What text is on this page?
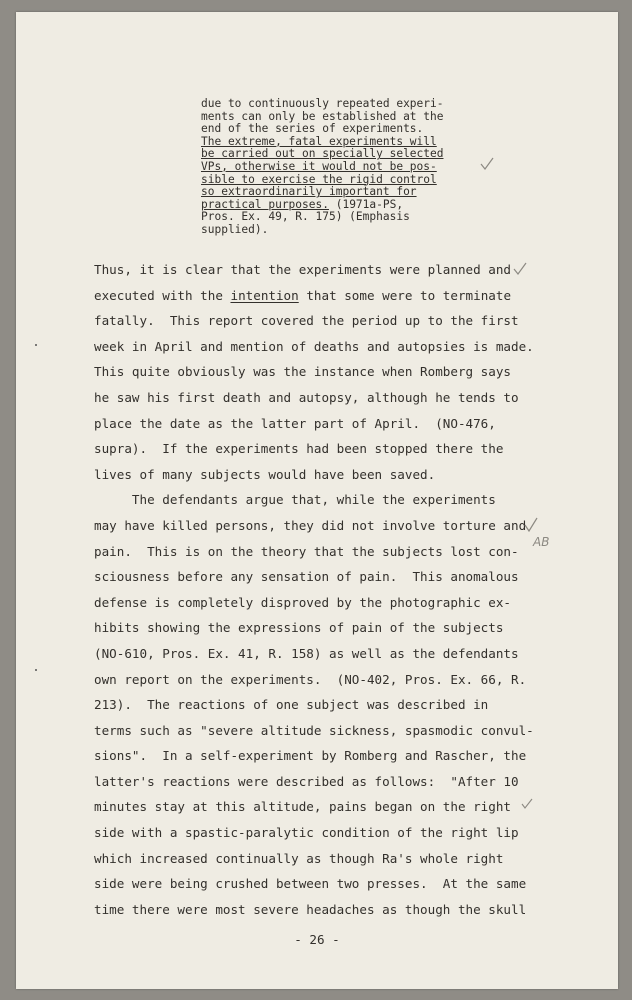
due to continuously repeated experi-
ments can only be established at the
end of the series of experiments.
The extreme, fatal experiments will
be carried out on specially selected
VPs, otherwise it would not be pos-
sible to exercise the rigid control
so extraordinarily important for
practical purposes. (1971a-PS,
Pros. Ex. 49, R. 175) (Emphasis
supplied).
Thus, it is clear that the experiments were planned and
executed with the intention that some were to terminate
fatally.  This report covered the period up to the first
week in April and mention of deaths and autopsies is made.
This quite obviously was the instance when Romberg says
he saw his first death and autopsy, although he tends to
place the date as the latter part of April.  (NO-476,
supra).  If the experiments had been stopped there the
lives of many subjects would have been saved.
The defendants argue that, while the experiments
may have killed persons, they did not involve torture and
pain.  This is on the theory that the subjects lost con-
sciousness before any sensation of pain.  This anomalous
defense is completely disproved by the photographic ex-
hibits showing the expressions of pain of the subjects
(NO-610, Pros. Ex. 41, R. 158) as well as the defendants
own report on the experiments.  (NO-402, Pros. Ex. 66, R.
213).  The reactions of one subject was described in
terms such as "severe altitude sickness, spasmodic convul-
sions".  In a self-experiment by Romberg and Rascher, the
latter's reactions were described as follows:  "After 10
minutes stay at this altitude, pains began on the right
side with a spastic-paralytic condition of the right lip
which increased continually as though Ra's whole right
side were being crushed between two presses.  At the same
time there were most severe headaches as though the skull
- 26 -
AB
